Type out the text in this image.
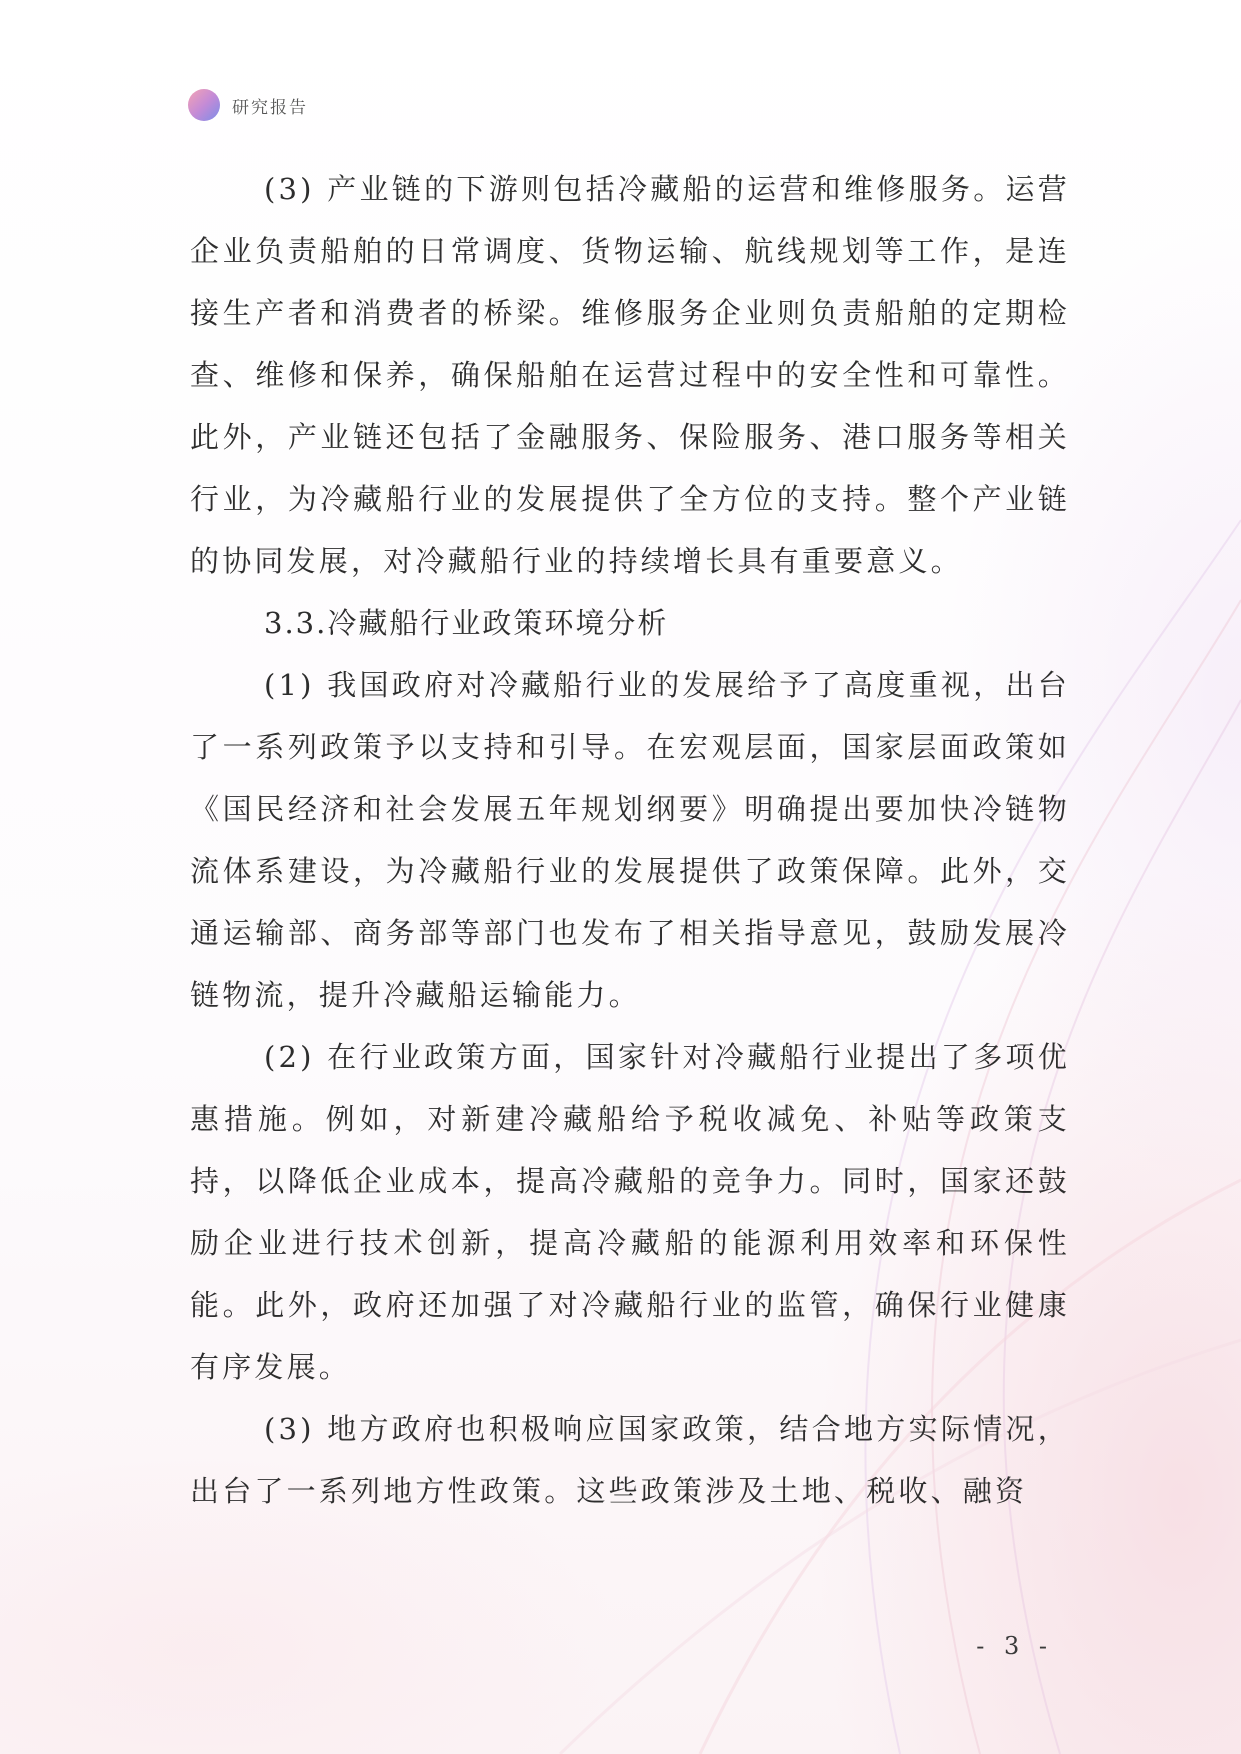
研究报告

(3) 产业链的下游则包括冷藏船的运营和维修服务。运营企业负责船舶的日常调度、货物运输、航线规划等工作，是连接生产者和消费者的桥梁。维修服务企业则负责船舶的定期检查、维修和保养，确保船舶在运营过程中的安全性和可靠性。此外，产业链还包括了金融服务、保险服务、港口服务等相关行业，为冷藏船行业的发展提供了全方位的支持。整个产业链的协同发展，对冷藏船行业的持续增长具有重要意义。

3.3.冷藏船行业政策环境分析

(1) 我国政府对冷藏船行业的发展给予了高度重视，出台了一系列政策予以支持和引导。在宏观层面，国家层面政策如《国民经济和社会发展五年规划纲要》明确提出要加快冷链物流体系建设，为冷藏船行业的发展提供了政策保障。此外，交通运输部、商务部等部门也发布了相关指导意见，鼓励发展冷链物流，提升冷藏船运输能力。

(2) 在行业政策方面，国家针对冷藏船行业提出了多项优惠措施。例如，对新建冷藏船给予税收减免、补贴等政策支持，以降低企业成本，提高冷藏船的竞争力。同时，国家还鼓励企业进行技术创新，提高冷藏船的能源利用效率和环保性能。此外，政府还加强了对冷藏船行业的监管，确保行业健康有序发展。

(3) 地方政府也积极响应国家政策，结合地方实际情况，出台了一系列地方性政策。这些政策涉及土地、税收、融资

- 3 -
